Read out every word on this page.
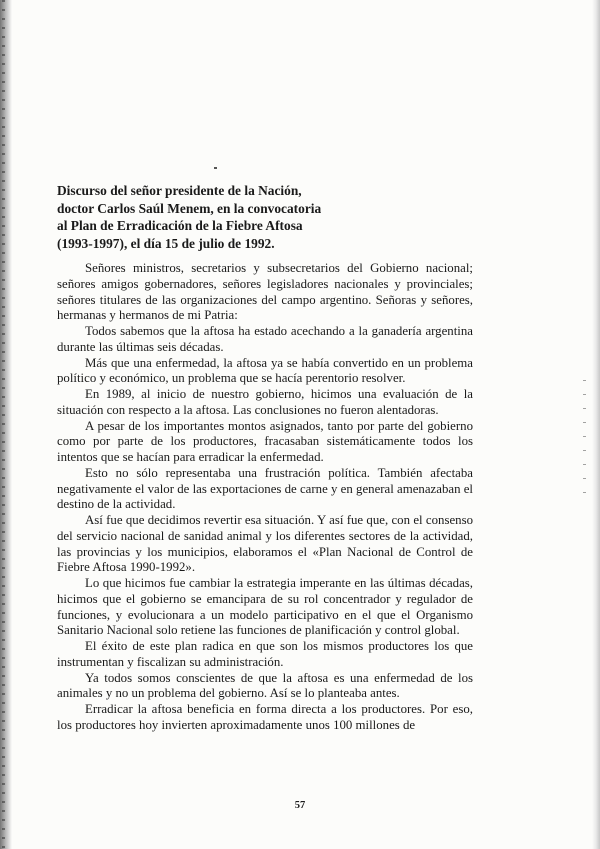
Discurso del señor presidente de la Nación,
doctor Carlos Saúl Menem, en la convocatoria
al Plan de Erradicación de la Fiebre Aftosa
(1993-1997), el día 15 de julio de 1992.

Señores ministros, secretarios y subsecretarios del Gobierno nacional; señores amigos gobernadores, señores legisladores nacionales y provinciales; señores titulares de las organizaciones del campo argentino. Señoras y señores, hermanas y hermanos de mi Patria:

Todos sabemos que la aftosa ha estado acechando a la ganadería argentina durante las últimas seis décadas.

Más que una enfermedad, la aftosa ya se había convertido en un problema político y económico, un problema que se hacía perentorio resolver.

En 1989, al inicio de nuestro gobierno, hicimos una evaluación de la situación con respecto a la aftosa. Las conclusiones no fueron alentadoras.

A pesar de los importantes montos asignados, tanto por parte del gobierno como por parte de los productores, fracasaban sistemáticamente todos los intentos que se hacían para erradicar la enfermedad.

Esto no sólo representaba una frustración política. También afectaba negativamente el valor de las exportaciones de carne y en general amenazaban el destino de la actividad.

Así fue que decidimos revertir esa situación. Y así fue que, con el consenso del servicio nacional de sanidad animal y los diferentes sectores de la actividad, las provincias y los municipios, elaboramos el «Plan Nacional de Control de Fiebre Aftosa 1990-1992».

Lo que hicimos fue cambiar la estrategia imperante en las últimas décadas, hicimos que el gobierno se emancipara de su rol concentrador y regulador de funciones, y evolucionara a un modelo participativo en el que el Organismo Sanitario Nacional solo retiene las funciones de planificación y control global.

El éxito de este plan radica en que son los mismos productores los que instrumentan y fiscalizan su administración.

Ya todos somos conscientes de que la aftosa es una enfermedad de los animales y no un problema del gobierno. Así se lo planteaba antes.

Erradicar la aftosa beneficia en forma directa a los productores. Por eso, los productores hoy invierten aproximadamente unos 100 millones de

57
